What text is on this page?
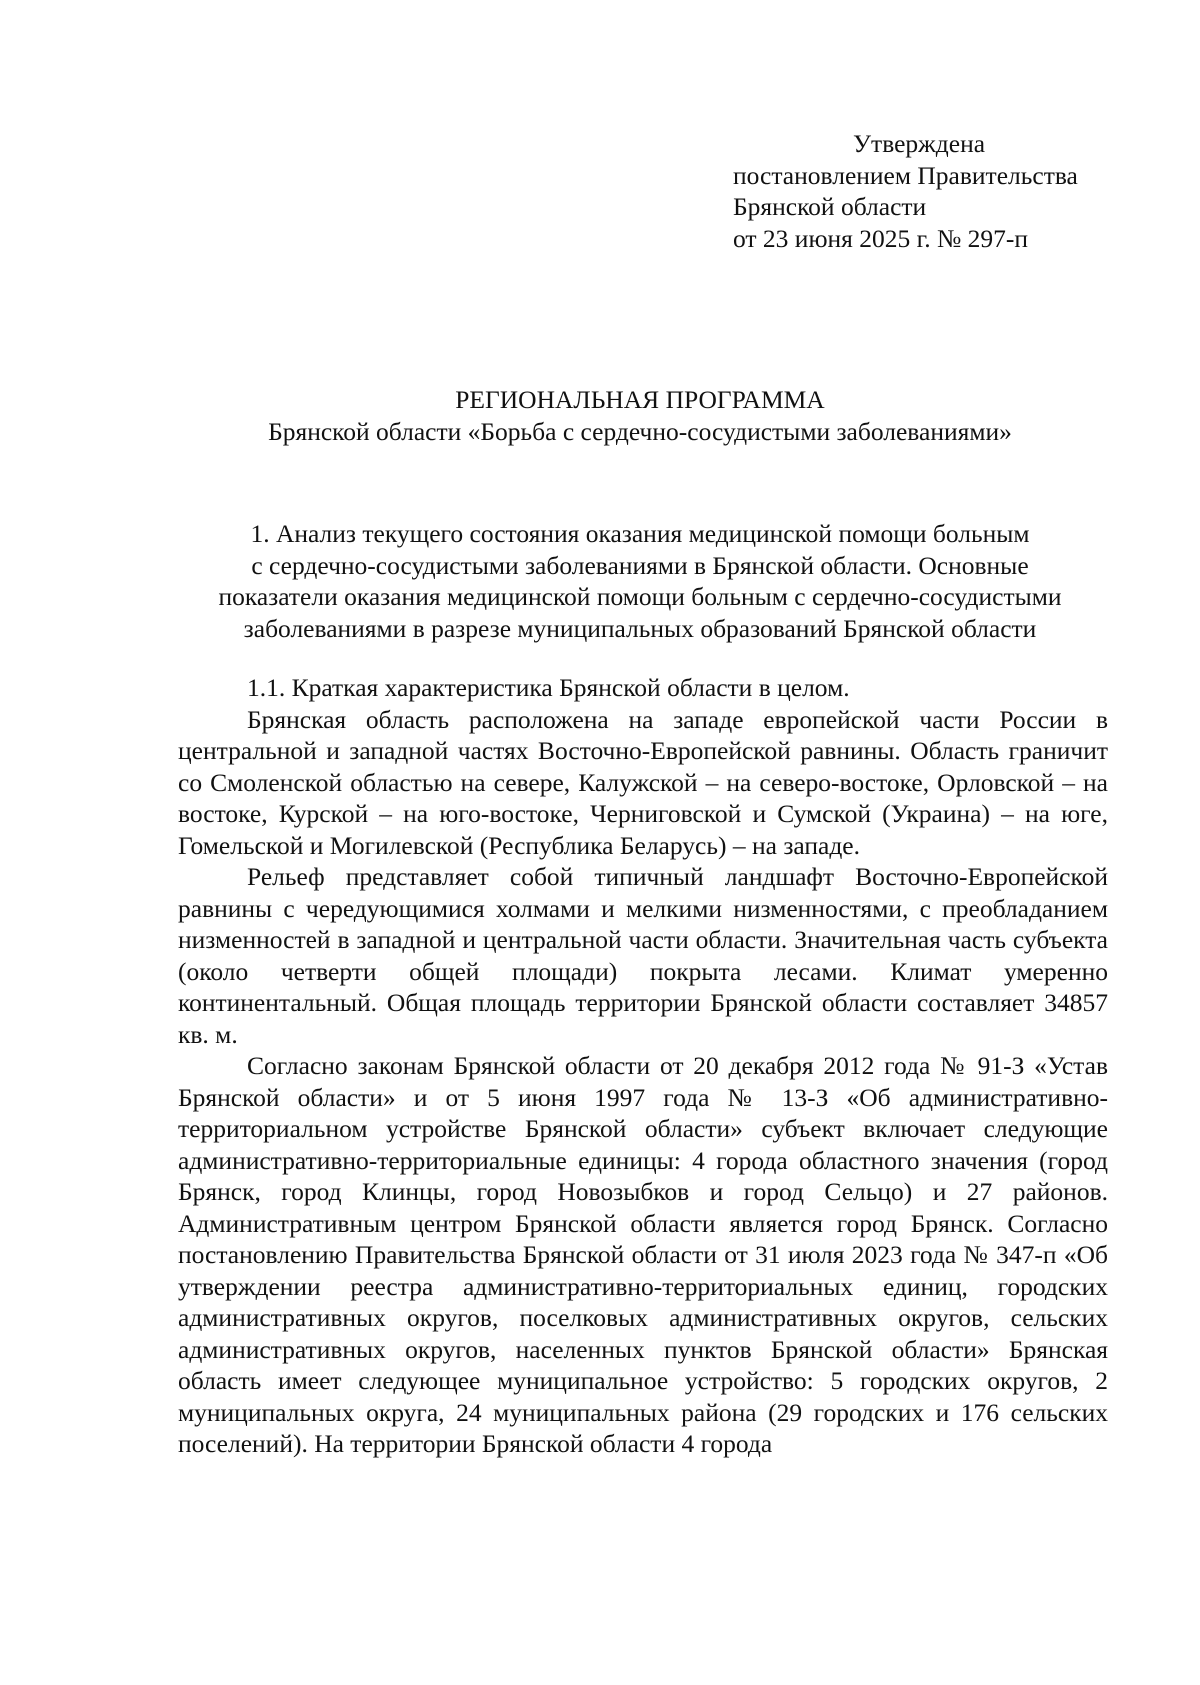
Утверждена
постановлением Правительства
Брянской области
от 23 июня 2025 г. № 297-п
РЕГИОНАЛЬНАЯ ПРОГРАММА
Брянской области «Борьба с сердечно-сосудистыми заболеваниями»
1. Анализ текущего состояния оказания медицинской помощи больным
с сердечно-сосудистыми заболеваниями в Брянской области. Основные
показатели оказания медицинской помощи больным с сердечно-сосудистыми
заболеваниями в разрезе муниципальных образований Брянской области

1.1. Краткая характеристика Брянской области в целом.

Брянская область расположена на западе европейской части России в центральной и западной частях Восточно-Европейской равнины. Область граничит со Смоленской областью на севере, Калужской – на северо-востоке, Орловской – на востоке, Курской – на юго-востоке, Черниговской и Сумской (Украина) – на юге, Гомельской и Могилевской (Республика Беларусь) – на западе.

Рельеф представляет собой типичный ландшафт Восточно-Европейской равнины с чередующимися холмами и мелкими низменностями, с преобладанием низменностей в западной и центральной части области. Значительная часть субъекта (около четверти общей площади) покрыта лесами. Климат умеренно континентальный. Общая площадь территории Брянской области составляет 34857 кв. м.

Согласно законам Брянской области от 20 декабря 2012 года № 91-З «Устав Брянской области» и от 5 июня 1997 года № 13-З «Об административно-территориальном устройстве Брянской области» субъект включает следующие административно-территориальные единицы: 4 города областного значения (город Брянск, город Клинцы, город Новозыбков и город Сельцо) и 27 районов. Административным центром Брянской области является город Брянск. Согласно постановлению Правительства Брянской области от 31 июля 2023 года № 347-п «Об утверждении реестра административно-территориальных единиц, городских административных округов, поселковых административных округов, сельских административных округов, населенных пунктов Брянской области» Брянская область имеет следующее муниципальное устройство: 5 городских округов, 2 муниципальных округа, 24 муниципальных района (29 городских и 176 сельских поселений). На территории Брянской области 4 города
